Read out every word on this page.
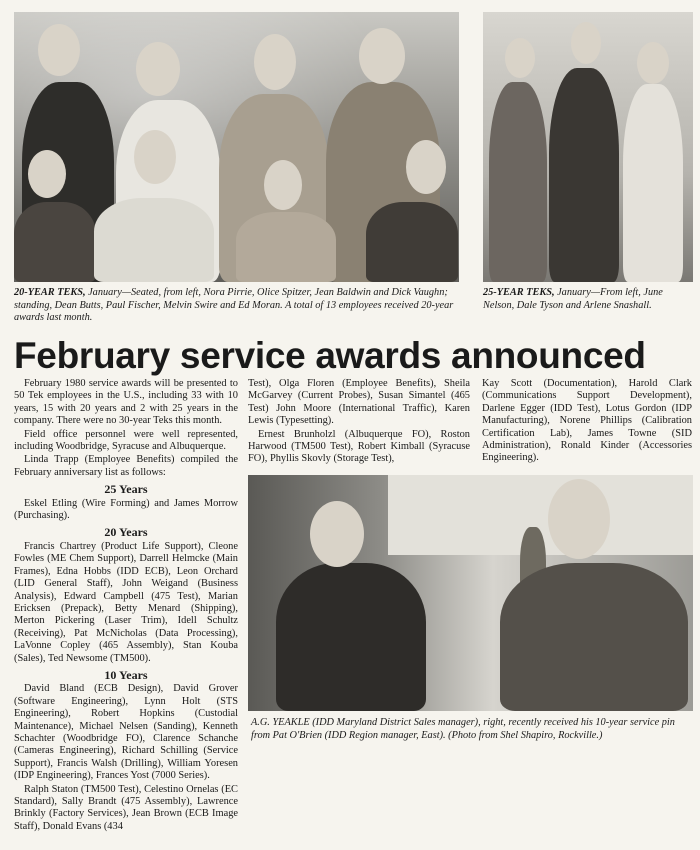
20-YEAR TEKS, January—Seated, from left, Nora Pirrie, Olice Spitzer, Jean Baldwin and Dick Vaughn; standing, Dean Butts, Paul Fischer, Melvin Swire and Ed Moran. A total of 13 employees received 20-year awards last month.
25-YEAR TEKS, January—From left, June Nelson, Dale Tyson and Arlene Snashall.
February service awards announced

February 1980 service awards will be presented to 50 Tek employees in the U.S., including 33 with 10 years, 15 with 20 years and 2 with 25 years in the company. There were no 30-year Teks this month.

Field office personnel were well represented, including Woodbridge, Syracuse and Albuquerque.

Linda Trapp (Employee Benefits) compiled the February anniversary list as follows:

25 Years

Eskel Etling (Wire Forming) and James Morrow (Purchasing).

20 Years

Francis Chartrey (Product Life Support), Cleone Fowles (ME Chem Support), Darrell Helmcke (Main Frames), Edna Hobbs (IDD ECB), Leon Orchard (LID General Staff), John Weigand (Business Analysis), Edward Campbell (475 Test), Marian Ericksen (Prepack), Betty Menard (Shipping), Merton Pickering (Laser Trim), Idell Schultz (Receiving), Pat McNicholas (Data Processing), LaVonne Copley (465 Assembly), Stan Kouba (Sales), Ted Newsome (TM500).

10 Years

David Bland (ECB Design), David Grover (Software Engineering), Lynn Holt (STS Engineering), Robert Hopkins (Custodial Maintenance), Michael Nelsen (Sanding), Kenneth Schachter (Woodbridge FO), Clarence Schanche (Cameras Engineering), Richard Schilling (Service Support), Francis Walsh (Drilling), William Yoresen (IDP Engineering), Frances Yost (7000 Series).

Ralph Staton (TM500 Test), Celestino Ornelas (EC Standard), Sally Brandt (475 Assembly), Lawrence Brinkly (Factory Services), Jean Brown (ECB Image Staff), Donald Evans (434

Test), Olga Floren (Employee Benefits), Sheila McGarvey (Current Probes), Susan Simantel (465 Test) John Moore (International Traffic), Karen Lewis (Typesetting).

Ernest Brunholzl (Albuquerque FO), Roston Harwood (TM500 Test), Robert Kimball (Syracuse FO), Phyllis Skovly (Storage Test),

Kay Scott (Documentation), Harold Clark (Communications Support Development), Darlene Egger (IDD Test), Lotus Gordon (IDP Manufacturing), Norene Phillips (Calibration Certification Lab), James Towne (SID Administration), Ronald Kinder (Accessories Engineering).

A.G. YEAKLE (IDD Maryland District Sales manager), right, recently received his 10-year service pin from Pat O'Brien (IDD Region manager, East). (Photo from Shel Shapiro, Rockville.)
